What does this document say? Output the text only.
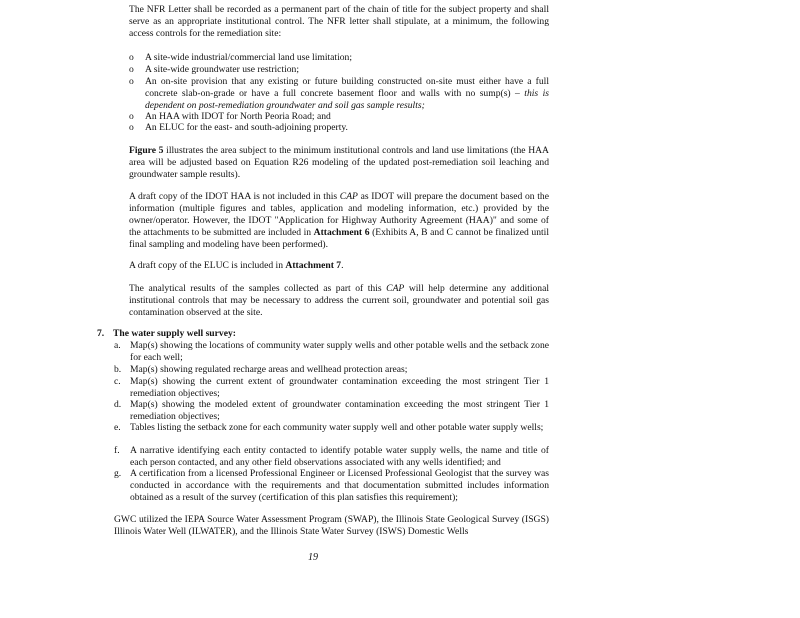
The NFR Letter shall be recorded as a permanent part of the chain of title for the subject property and shall serve as an appropriate institutional control. The NFR letter shall stipulate, at a minimum, the following access controls for the remediation site:
o A site-wide industrial/commercial land use limitation;
o A site-wide groundwater use restriction;
o An on-site provision that any existing or future building constructed on-site must either have a full concrete slab-on-grade or have a full concrete basement floor and walls with no sump(s) – this is dependent on post-remediation groundwater and soil gas sample results;
o An HAA with IDOT for North Peoria Road; and
o An ELUC for the east- and south-adjoining property.
Figure 5 illustrates the area subject to the minimum institutional controls and land use limitations (the HAA area will be adjusted based on Equation R26 modeling of the updated post-remediation soil leaching and groundwater sample results).
A draft copy of the IDOT HAA is not included in this CAP as IDOT will prepare the document based on the information (multiple figures and tables, application and modeling information, etc.) provided by the owner/operator. However, the IDOT "Application for Highway Authority Agreement (HAA)" and some of the attachments to be submitted are included in Attachment 6 (Exhibits A, B and C cannot be finalized until final sampling and modeling have been performed).
A draft copy of the ELUC is included in Attachment 7.
The analytical results of the samples collected as part of this CAP will help determine any additional institutional controls that may be necessary to address the current soil, groundwater and potential soil gas contamination observed at the site.
7. The water supply well survey:
a. Map(s) showing the locations of community water supply wells and other potable wells and the setback zone for each well;
b. Map(s) showing regulated recharge areas and wellhead protection areas;
c. Map(s) showing the current extent of groundwater contamination exceeding the most stringent Tier 1 remediation objectives;
d. Map(s) showing the modeled extent of groundwater contamination exceeding the most stringent Tier 1 remediation objectives;
e. Tables listing the setback zone for each community water supply well and other potable water supply wells;
f. A narrative identifying each entity contacted to identify potable water supply wells, the name and title of each person contacted, and any other field observations associated with any wells identified; and
g. A certification from a licensed Professional Engineer or Licensed Professional Geologist that the survey was conducted in accordance with the requirements and that documentation submitted includes information obtained as a result of the survey (certification of this plan satisfies this requirement);
GWC utilized the IEPA Source Water Assessment Program (SWAP), the Illinois State Geological Survey (ISGS) Illinois Water Well (ILWATER), and the Illinois State Water Survey (ISWS) Domestic Wells
19
